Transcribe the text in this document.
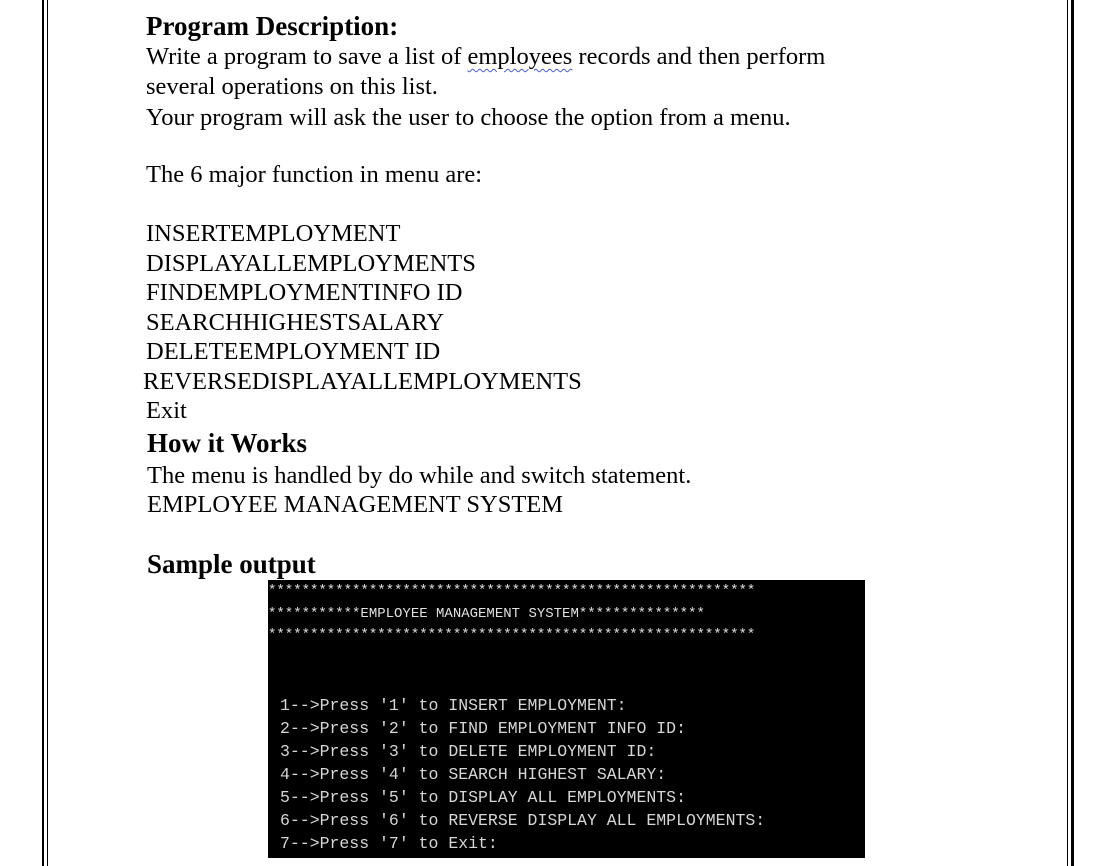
Program Description:
Write a program to save a list of employees records and then perform
several operations on this list.
Your program will ask the user to choose the option from a menu.
The 6 major function in menu are:
INSERTEMPLOYMENT
DISPLAYALLEMPLOYMENTS
FINDEMPLOYMENTINFO ID
SEARCHHIGHESTSALARY
DELETEEMPLOYMENT ID
REVERSEDISPLAYALLEMPLOYMENTS
Exit
How it Works
The menu is handled by do while and switch statement.
EMPLOYEE MANAGEMENT SYSTEM
Sample output
**********************************************************
***********EMPLOYEE MANAGEMENT SYSTEM***************
**********************************************************
1-->Press '1' to INSERT EMPLOYMENT:
2-->Press '2' to FIND EMPLOYMENT INFO ID:
3-->Press '3' to DELETE EMPLOYMENT ID:
4-->Press '4' to SEARCH HIGHEST SALARY:
5-->Press '5' to DISPLAY ALL EMPLOYMENTS:
6-->Press '6' to REVERSE DISPLAY ALL EMPLOYMENTS:
7-->Press '7' to Exit:
